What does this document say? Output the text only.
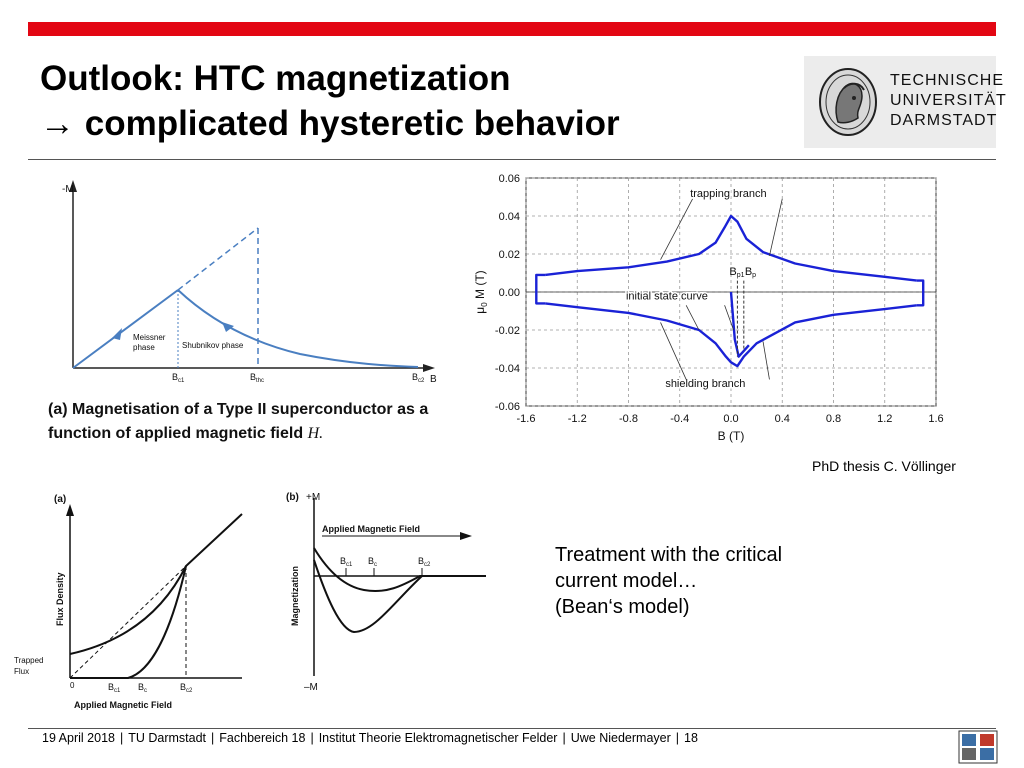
Outlook: HTC magnetization
→ complicated hysteretic behavior
TECHNISCHE
UNIVERSITÄT
DARMSTADT
-M
B
Meissner
phase	Shubnikov phase
$B_{c1}$	$B_{thc}$	$B_{c2}$
(a) Magnetisation of a Type II superconductor as a
function of applied magnetic field H.
-1.6	-1.2	-0.8	-0.4	0.0	0.4	0.8	1.2	1.6
-0.06
-0.04
-0.02
0.00
0.02
0.04
0.06
B (T)
$\mu_0$ M (T)	Bp1 Bp
trapping branch
initial state curve
shielding branch
PhD thesis C. Völlinger
(a)
Flux Density
Applied Magnetic Field
Trapped
Flux
0	$B_{c1}$ $B_c$	$B_{c2}$
(b) +M
–M
Applied Magnetic Field
Magnetization
$B_{c1}$ $B_c$	$B_{c2}$	Treatment with the critical
current model…
(Bean‘s model)
19 April 2018 | TU Darmstadt | Fachbereich 18 | Institut Theorie Elektromagnetischer Felder | Uwe Niedermayer | 18
